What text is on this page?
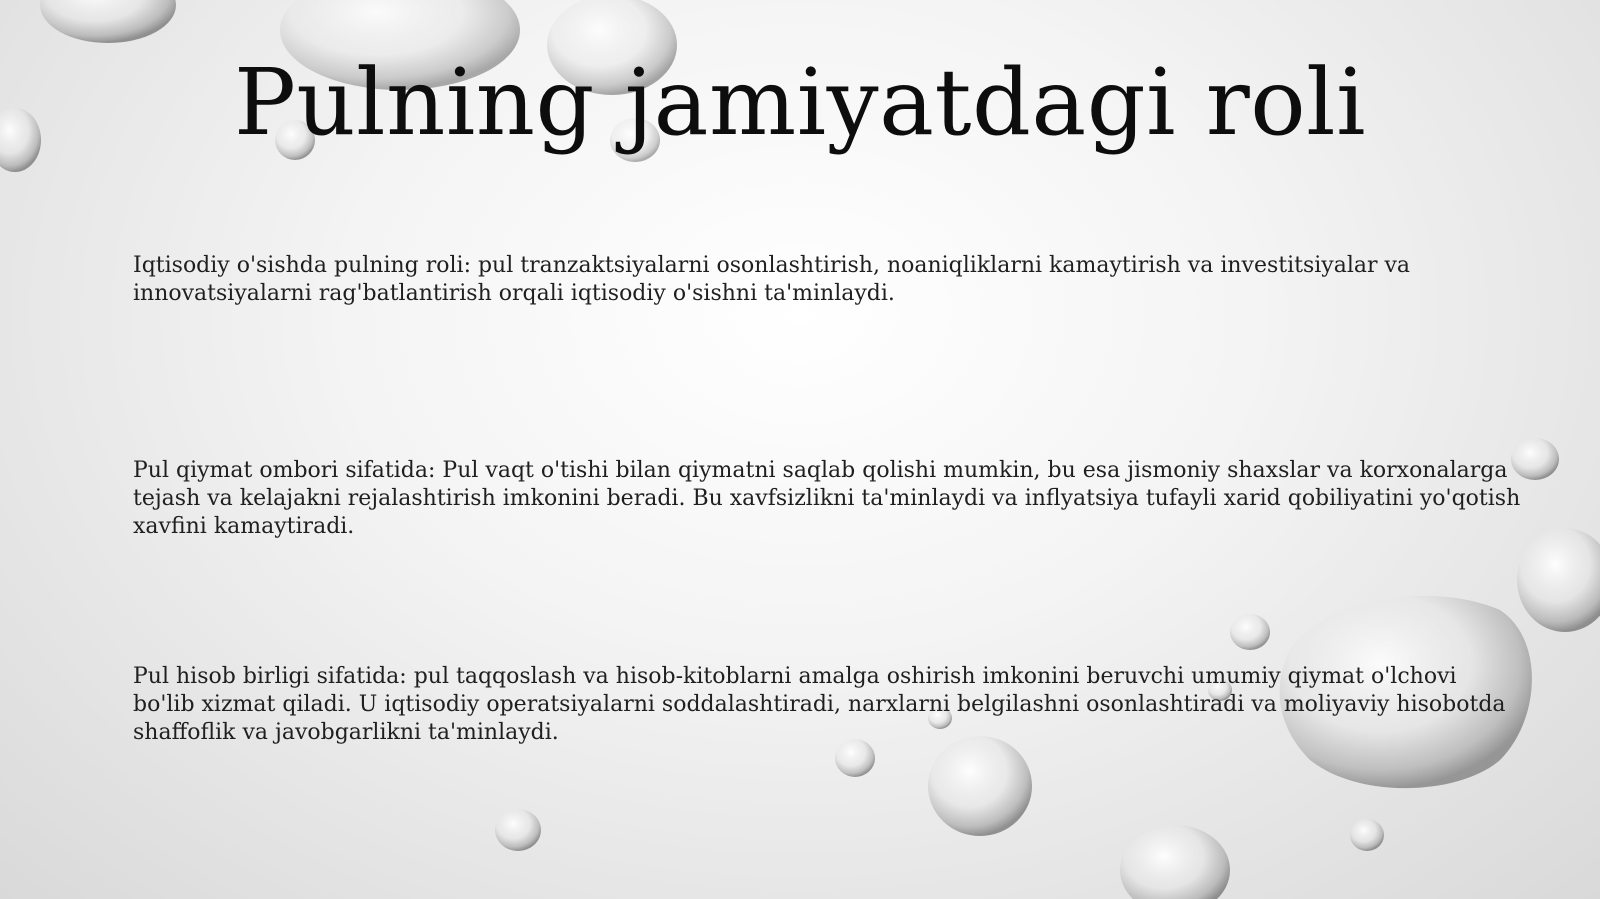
Pulning jamiyatdagi roli

Iqtisodiy o'sishda pulning roli: pul tranzaktsiyalarni osonlashtirish, noaniqliklarni kamaytirish va investitsiyalar va innovatsiyalarni rag'batlantirish orqali iqtisodiy o'sishni ta'minlaydi.

Pul qiymat ombori sifatida: Pul vaqt o'tishi bilan qiymatni saqlab qolishi mumkin, bu esa jismoniy shaxslar va korxonalarga tejash va kelajakni rejalashtirish imkonini beradi. Bu xavfsizlikni ta'minlaydi va inflyatsiya tufayli xarid qobiliyatini yo'qotish xavfini kamaytiradi.

Pul hisob birligi sifatida: pul taqqoslash va hisob-kitoblarni amalga oshirish imkonini beruvchi umumiy qiymat o'lchovi bo'lib xizmat qiladi. U iqtisodiy operatsiyalarni soddalashtiradi, narxlarni belgilashni osonlashtiradi va moliyaviy hisobotda shaffoflik va javobgarlikni ta'minlaydi.
